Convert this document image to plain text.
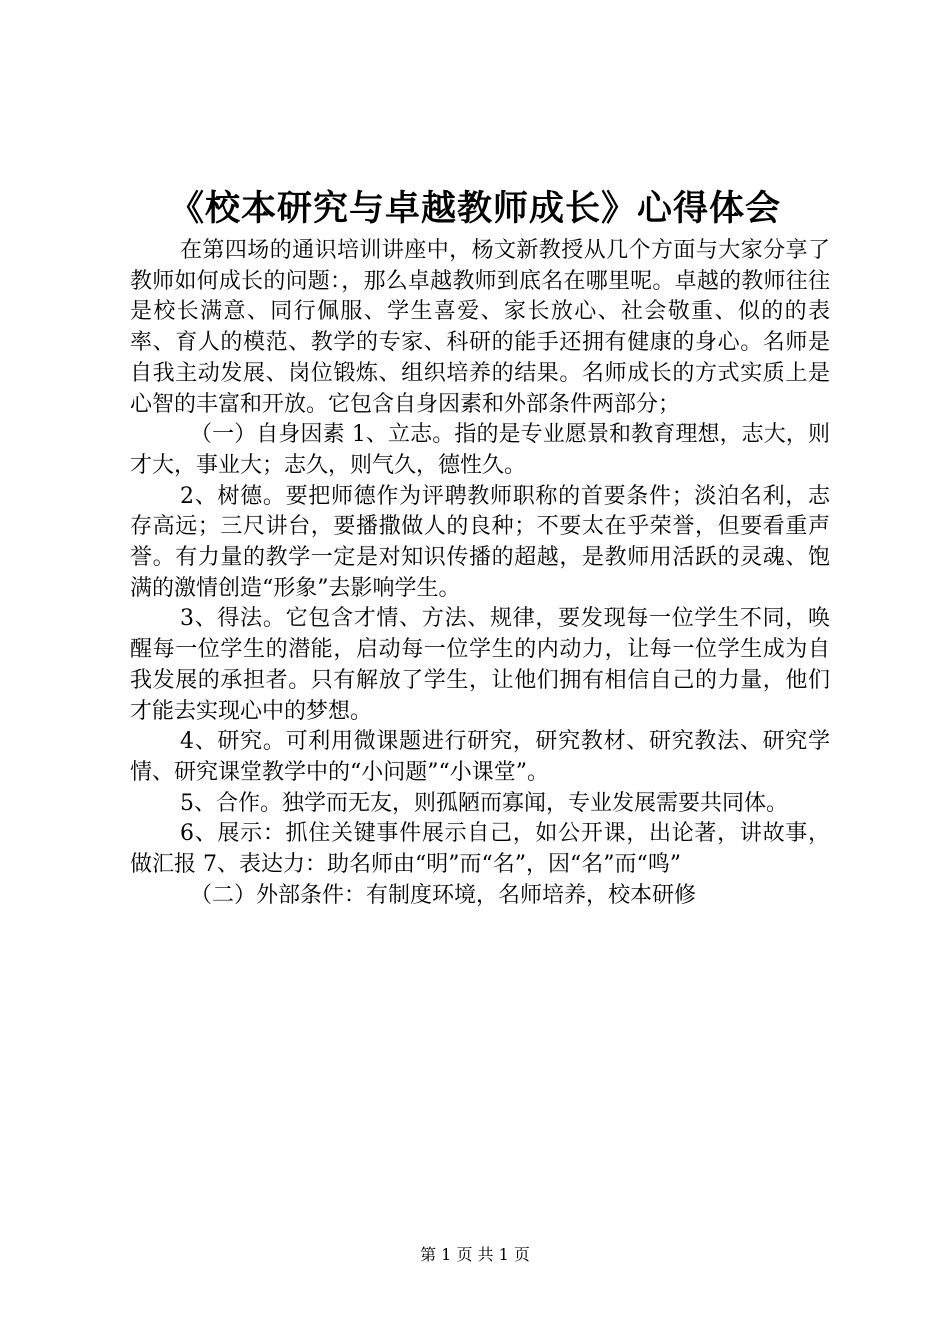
《校本研究与卓越教师成长》心得体会

在第四场的通识培训讲座中，杨文新教授从几个方面与大家分享了教师如何成长的问题：，那么卓越教师到底名在哪里呢。卓越的教师往往是校长满意、同行佩服、学生喜爱、家长放心、社会敬重、似的的表率、育人的模范、教学的专家、科研的能手还拥有健康的身心。名师是自我主动发展、岗位锻炼、组织培养的结果。名师成长的方式实质上是心智的丰富和开放。它包含自身因素和外部条件两部分；

（一）自身因素 1、立志。指的是专业愿景和教育理想，志大，则才大，事业大；志久，则气久，德性久。

2、树德。要把师德作为评聘教师职称的首要条件；淡泊名利，志存高远；三尺讲台，要播撒做人的良种；不要太在乎荣誉，但要看重声誉。有力量的教学一定是对知识传播的超越，是教师用活跃的灵魂、饱满的激情创造“形象”去影响学生。

3、得法。它包含才情、方法、规律，要发现每一位学生不同，唤醒每一位学生的潜能，启动每一位学生的内动力，让每一位学生成为自我发展的承担者。只有解放了学生，让他们拥有相信自己的力量，他们才能去实现心中的梦想。

4、研究。可利用微课题进行研究，研究教材、研究教法、研究学情、研究课堂教学中的“小问题”“小课堂”。

5、合作。独学而无友，则孤陋而寡闻，专业发展需要共同体。

6、展示：抓住关键事件展示自己，如公开课，出论著，讲故事，做汇报 7、表达力：助名师由“明”而“名”，因“名”而“鸣”

（二）外部条件：有制度环境，名师培养，校本研修

第 1 页 共 1 页
